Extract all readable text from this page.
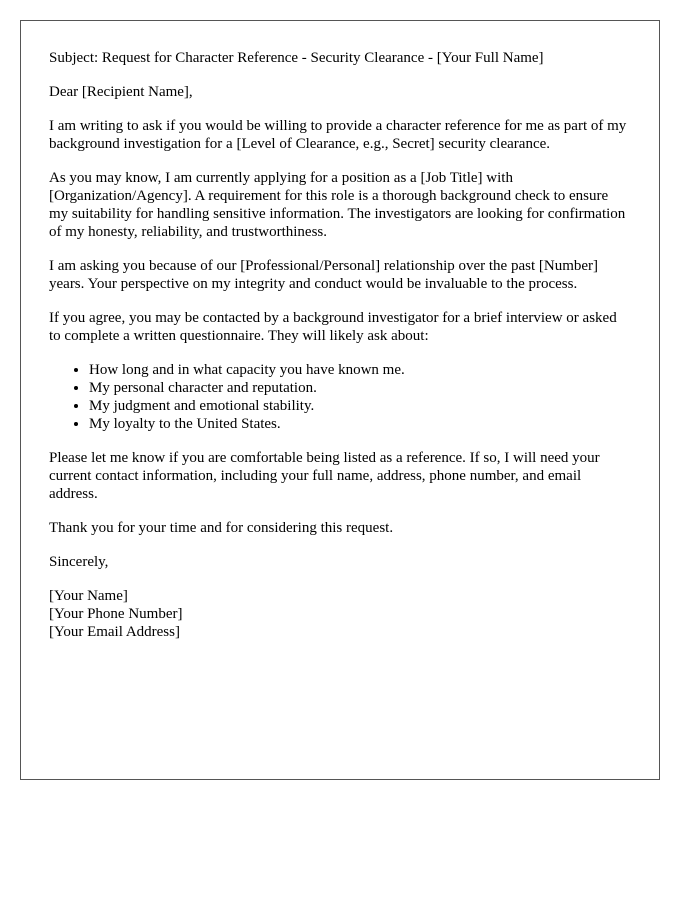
Subject: Request for Character Reference - Security Clearance - [Your Full Name]

Dear [Recipient Name],

I am writing to ask if you would be willing to provide a character reference for me as part of my background investigation for a [Level of Clearance, e.g., Secret] security clearance.

As you may know, I am currently applying for a position as a [Job Title] with [Organization/Agency]. A requirement for this role is a thorough background check to ensure my suitability for handling sensitive information. The investigators are looking for confirmation of my honesty, reliability, and trustworthiness.

I am asking you because of our [Professional/Personal] relationship over the past [Number] years. Your perspective on my integrity and conduct would be invaluable to the process.

If you agree, you may be contacted by a background investigator for a brief interview or asked to complete a written questionnaire. They will likely ask about:

• How long and in what capacity you have known me.
• My personal character and reputation.
• My judgment and emotional stability.
• My loyalty to the United States.

Please let me know if you are comfortable being listed as a reference. If so, I will need your current contact information, including your full name, address, phone number, and email address.

Thank you for your time and for considering this request.

Sincerely,

[Your Name]

[Your Phone Number]

[Your Email Address]
